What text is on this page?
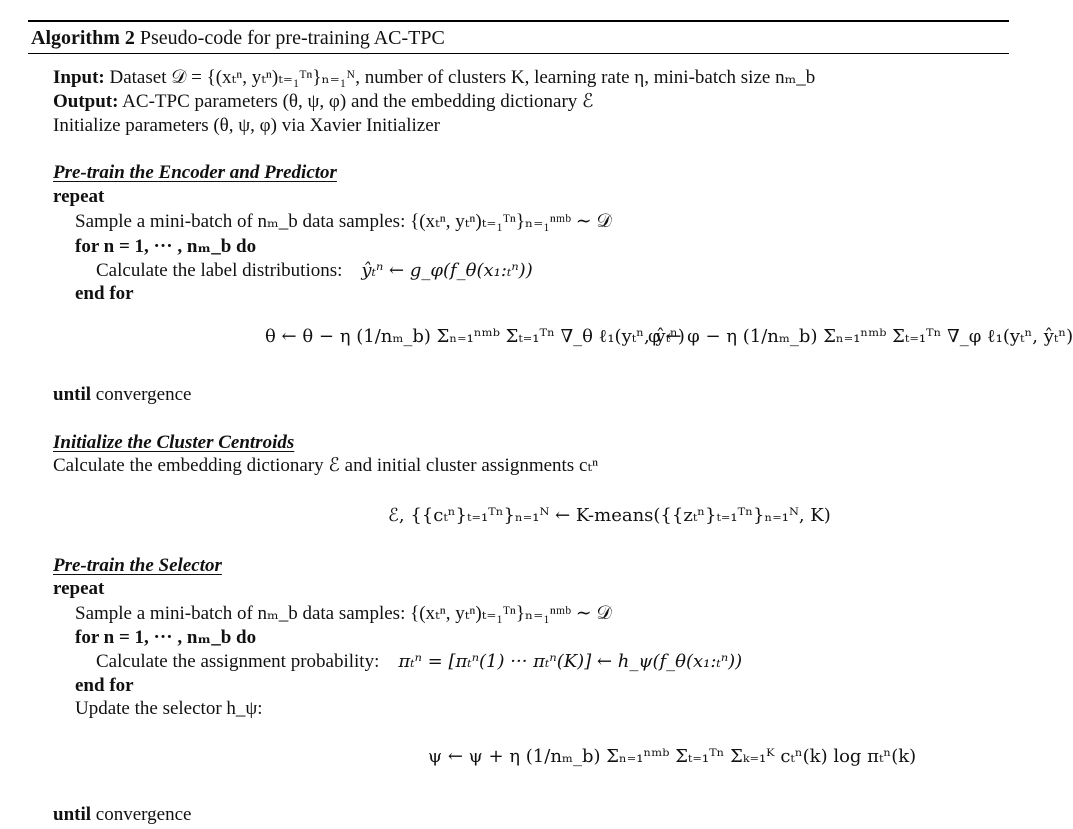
Algorithm 2 Pseudo-code for pre-training AC-TPC
Input: Dataset 𝒟 = {(xₜⁿ, yₜⁿ)ₜ₌₁ᵀⁿ}ₙ₌₁ᴺ, number of clusters K, learning rate η, mini-batch size nₘ_b
Output: AC-TPC parameters (θ, ψ, φ) and the embedding dictionary ℰ
Initialize parameters (θ, ψ, φ) via Xavier Initializer
Pre-train the Encoder and Predictor
repeat
Sample a mini-batch of nₘ_b data samples: {(xₜⁿ, yₜⁿ)ₜ₌₁ᵀⁿ}ₙ₌₁ⁿᵐᵇ ∼ 𝒟
for n = 1, ··· , nₘ_b do
Calculate the label distributions: ŷₜⁿ ← g_φ(f_θ(x₁:ₜⁿ))
end for
θ ← θ − η (1/nₘ_b) Σₙ₌₁ⁿᵐᵇ Σₜ₌₁ᵀⁿ ∇_θ ℓ₁(yₜⁿ, ŷₜⁿ)
φ ← φ − η (1/nₘ_b) Σₙ₌₁ⁿᵐᵇ Σₜ₌₁ᵀⁿ ∇_φ ℓ₁(yₜⁿ, ŷₜⁿ)
until convergence
Initialize the Cluster Centroids
Calculate the embedding dictionary ℰ and initial cluster assignments cₜⁿ
ℰ, {{cₜⁿ}ₜ₌₁ᵀⁿ}ₙ₌₁ᴺ ← K-means({{zₜⁿ}ₜ₌₁ᵀⁿ}ₙ₌₁ᴺ, K)
Pre-train the Selector
repeat
Sample a mini-batch of nₘ_b data samples: {(xₜⁿ, yₜⁿ)ₜ₌₁ᵀⁿ}ₙ₌₁ⁿᵐᵇ ∼ 𝒟
for n = 1, ··· , nₘ_b do
Calculate the assignment probability: πₜⁿ = [πₜⁿ(1) ··· πₜⁿ(K)] ← h_ψ(f_θ(x₁:ₜⁿ))
end for
Update the selector h_ψ:
ψ ← ψ + η (1/nₘ_b) Σₙ₌₁ⁿᵐᵇ Σₜ₌₁ᵀⁿ Σₖ₌₁ᴷ cₜⁿ(k) log πₜⁿ(k)
until convergence
